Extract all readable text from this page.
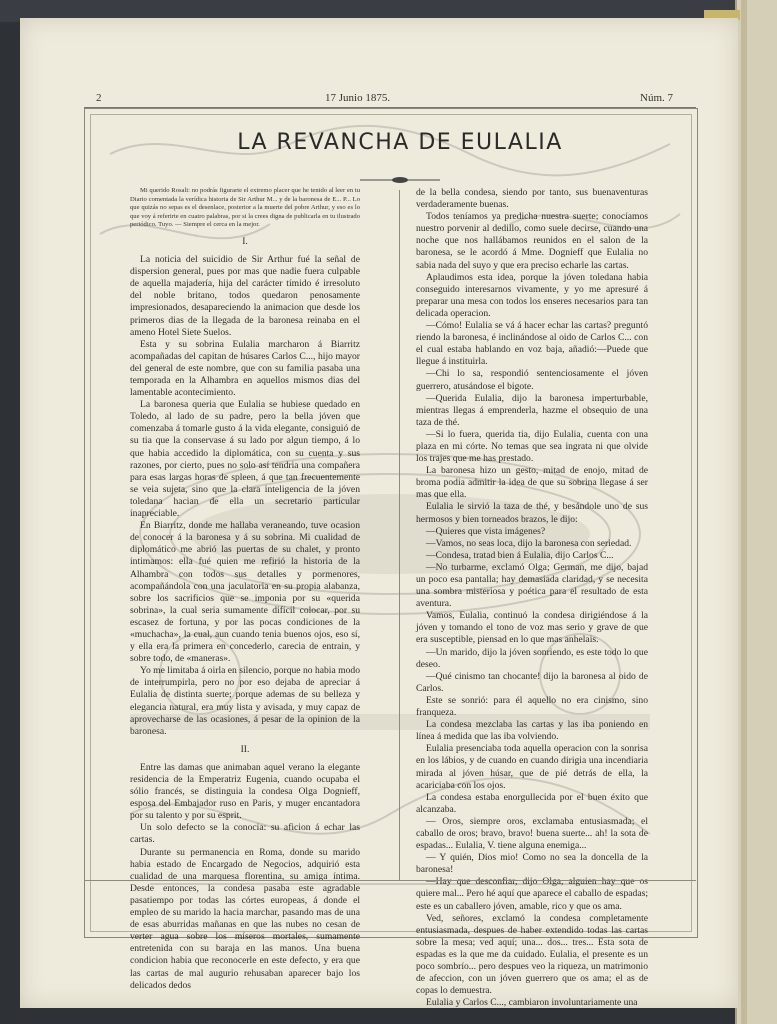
2	17 Junio 1875.	Núm. 7
LA REVANCHA DE EULALIA

Mi querido Rosali: no podrás figurarte el extremo placer que he tenido al leer en tu Diario comentada la verídica historia de Sir Arthur M... y de la baronesa de E... P... Lo que quizás no sepas es el desenlace, posterior a la muerte del pobre Arthur, y eso es lo que voy á referirte en cuatro palabras, por si la crees digna de publicarla en tu ilustrado periódico. Tuyo. — Siempre el cerca en la mejor.

I.

La noticia del suicidio de Sir Arthur fué la señal de dispersion general, pues por mas que nadie fuera culpable de aquella majadería, hija del carácter tímido é irresoluto del noble britano, todos quedaron penosamente impresionados, desapareciendo la animacion que desde los primeros dias de la llegada de la baronesa reinaba en el ameno Hotel Siete Suelos.

Esta y su sobrina Eulalia marcharon á Biarritz acompañadas del capitan de húsares Carlos C..., hijo mayor del general de este nombre, que con su familia pasaba una temporada en la Alhambra en aquellos mismos dias del lamentable acontecimiento.

La baronesa queria que Eulalia se hubiese quedado en Toledo, al lado de su padre, pero la bella jóven que comenzaba á tomarle gusto á la vida elegante, consiguió de su tia que la conservase á su lado por algun tiempo, á lo que habia accedido la diplomática, con su cuenta y sus razones, por cierto, pues no solo así tendria una compañera para esas largas horas de spleen, á que tan frecuentemente se veia sujeta, sino que la clara inteligencia de la jóven toledana hacian de ella un secretario particular inapreciable.

En Biarritz, donde me hallaba veraneando, tuve ocasion de conocer á la baronesa y á su sobrina. Mi cualidad de diplomático me abrió las puertas de su chalet, y pronto intimamos: ella fué quien me refirió la historia de la Alhambra con todos sus detalles y pormenores, acompañándola con una jaculatoria en su propia alabanza, sobre los sacrificios que se imponia por su «querida sobrina», la cual seria sumamente difícil colocar, por su escasez de fortuna, y por las pocas condiciones de la «muchacha», la cual, aun cuando tenia buenos ojos, eso sí, y ella era la primera en concederlo, carecia de entrain, y sobre todo, de «maneras».

Yo me limitaba á oirla en silencio, porque no habia modo de interrumpirla, pero no por eso dejaba de apreciar á Eulalia de distinta suerte; porque ademas de su belleza y elegancia natural, era muy lista y avisada, y muy capaz de aprovecharse de las ocasiones, á pesar de la opinion de la baronesa.

II.

Entre las damas que animaban aquel verano la elegante residencia de la Emperatriz Eugenia, cuando ocupaba el sólio francés, se distinguia la condesa Olga Dognieff, esposa del Embajador ruso en Paris, y muger encantadora por su talento y por su esprit.

Un solo defecto se la conocia: su aficion á echar las cartas.

Durante su permanencia en Roma, donde su marido habia estado de Encargado de Negocios, adquirió esta cualidad de una marquesa florentina, su amiga íntima. Desde entonces, la condesa pasaba este agradable pasatiempo por todas las córtes europeas, á donde el empleo de su marido la hacia marchar, pasando mas de una de esas aburridas mañanas en que las nubes no cesan de verter agua sobre los míseros mortales, sumamente entretenida con su baraja en las manos. Una buena condicion habia que reconocerle en este defecto, y era que las cartas de mal augurio rehusaban aparecer bajo los delicados dedos

de la bella condesa, siendo por tanto, sus buenaventuras verdaderamente buenas.

Todos teníamos ya predicha nuestra suerte; conocíamos nuestro porvenir al dedillo, como suele decirse, cuando una noche que nos hallábamos reunidos en el salon de la baronesa, se le acordó á Mme. Dognieff que Eulalia no sabia nada del suyo y que era preciso echarle las cartas.

Aplaudimos esta idea, porque la jóven toledana habia conseguido interesarnos vivamente, y yo me apresuré á preparar una mesa con todos los enseres necesarios para tan delicada operacion.

—Cómo! Eulalia se vá á hacer echar las cartas? preguntó riendo la baronesa, é inclinándose al oido de Carlos C... con el cual estaba hablando en voz baja, añadió:—Puede que llegue á instituirla.

—Chi lo sa, respondió sentenciosamente el jóven guerrero, atusándose el bigote.

—Querida Eulalia, dijo la baronesa imperturbable, mientras llegas á emprenderla, hazme el obsequio de una taza de thé.

—Si lo fuera, querida tia, dijo Eulalia, cuenta con una plaza en mi córte. No temas que sea ingrata ni que olvide los trajes que me has prestado.

La baronesa hizo un gesto, mitad de enojo, mitad de broma podia admitir la idea de que su sobrina llegase á ser mas que ella.

Eulalia le sirvió la taza de thé, y besándole uno de sus hermosos y bien torneados brazos, le dijo:

—Quieres que vista imágenes?

—Vamos, no seas loca, dijo la baronesa con seriedad.

—Condesa, tratad bien á Eulalia, dijo Carlos C...

—No turbarme, exclamó Olga; German, me dijo, bajad un poco esa pantalla; hay demasiada claridad, y se necesita una sombra misteriosa y poética para el resultado de esta aventura.

Vamos, Eulalia, continuó la condesa dirigiéndose á la jóven y tomando el tono de voz mas serio y grave de que era susceptible, piensad en lo que mas anhelais.

—Un marido, dijo la jóven sonriendo, es este todo lo que deseo.

—Qué cinismo tan chocante! dijo la baronesa al oido de Carlos.

Este se sonrió: para él aquello no era cinismo, sino franqueza.

La condesa mezclaba las cartas y las iba poniendo en línea á medida que las iba volviendo.

Eulalia presenciaba toda aquella operacion con la sonrisa en los lábios, y de cuando en cuando dirigia una incendiaria mirada al jóven húsar, que de pié detrás de ella, la acariciaba con los ojos.

La condesa estaba enorgullecida por el buen éxito que alcanzaba.

— Oros, siempre oros, exclamaba entusiasmada; el caballo de oros; bravo, bravo! buena suerte... ah! la sota de espadas... Eulalia, V. tiene alguna enemiga...

— Y quién, Dios mio! Como no sea la doncella de la baronesa!

—Hay que desconfiar, dijo Olga, alguien hay que os quiere mal... Pero hé aquí que aparece el caballo de espadas; este es un caballero jóven, amable, rico y que os ama.

Ved, señores, exclamó la condesa completamente entusiasmada, despues de haber extendido todas las cartas sobre la mesa; ved aquí; una... dos... tres... Esta sota de espadas es la que me da cuidado. Eulalia, el presente es un poco sombrío... pero despues veo la riqueza, un matrimonio de afeccion, con un jóven guerrero que os ama; el as de copas lo demuestra.

Eulalia y Carlos C..., cambiaron involuntariamente una
